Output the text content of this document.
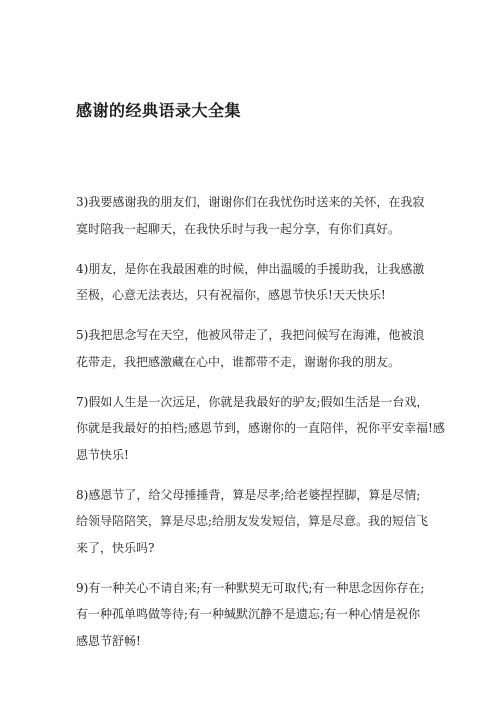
感谢的经典语录大全集
3)我要感谢我的朋友们，谢谢你们在我忧伤时送来的关怀，在我寂
寞时陪我一起聊天，在我快乐时与我一起分享，有你们真好。
4)朋友，是你在我最困难的时候，伸出温暖的手援助我，让我感激
至极，心意无法表达，只有祝福你，感恩节快乐!天天快乐!
5)我把思念写在天空，他被风带走了，我把问候写在海滩，他被浪
花带走，我把感激藏在心中，谁都带不走，谢谢你我的朋友。
7)假如人生是一次远足，你就是我最好的驴友;假如生活是一台戏，
你就是我最好的拍档;感恩节到，感谢你的一直陪伴，祝你平安幸福!感
恩节快乐!
8)感恩节了，给父母捶捶背，算是尽孝;给老婆捏捏脚，算是尽情;
给领导陪陪笑，算是尽忠;给朋友发发短信，算是尽意。我的短信飞
来了，快乐吗?
9)有一种关心不请自来;有一种默契无可取代;有一种思念因你存在;
有一种孤单鸣做等待;有一种缄默沉静不是遗忘;有一种心情是祝你
感恩节舒畅!
